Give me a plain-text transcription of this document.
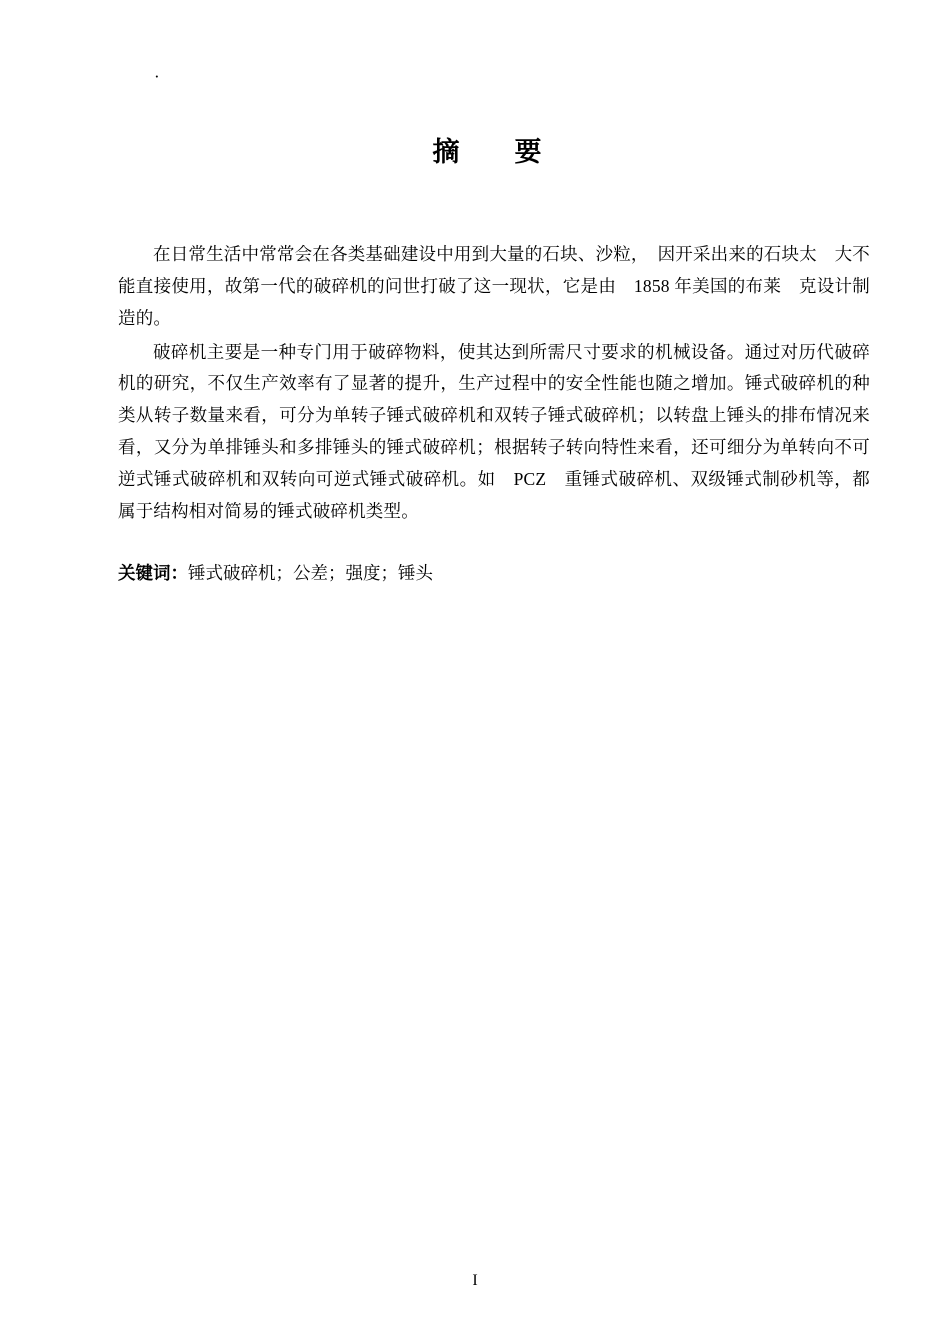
·
摘　要

在日常生活中常常会在各类基础建设中用到大量的石块、沙粒，　因开采出来的石块太　大不能直接使用，故第一代的破碎机的问世打破了这一现状，它是由　1858 年美国的布莱　克设计制造的。

破碎机主要是一种专门用于破碎物料，使其达到所需尺寸要求的机械设备。通过对历代破碎机的研究，不仅生产效率有了显著的提升，生产过程中的安全性能也随之增加。锤式破碎机的种类从转子数量来看，可分为单转子锤式破碎机和双转子锤式破碎机；以转盘上锤头的排布情况来看，又分为单排锤头和多排锤头的锤式破碎机；根据转子转向特性来看，还可细分为单转向不可逆式锤式破碎机和双转向可逆式锤式破碎机。如　PCZ　重锤式破碎机、双级锤式制砂机等，都属于结构相对简易的锤式破碎机类型。

关键词：锤式破碎机；公差；强度；锤头
I
